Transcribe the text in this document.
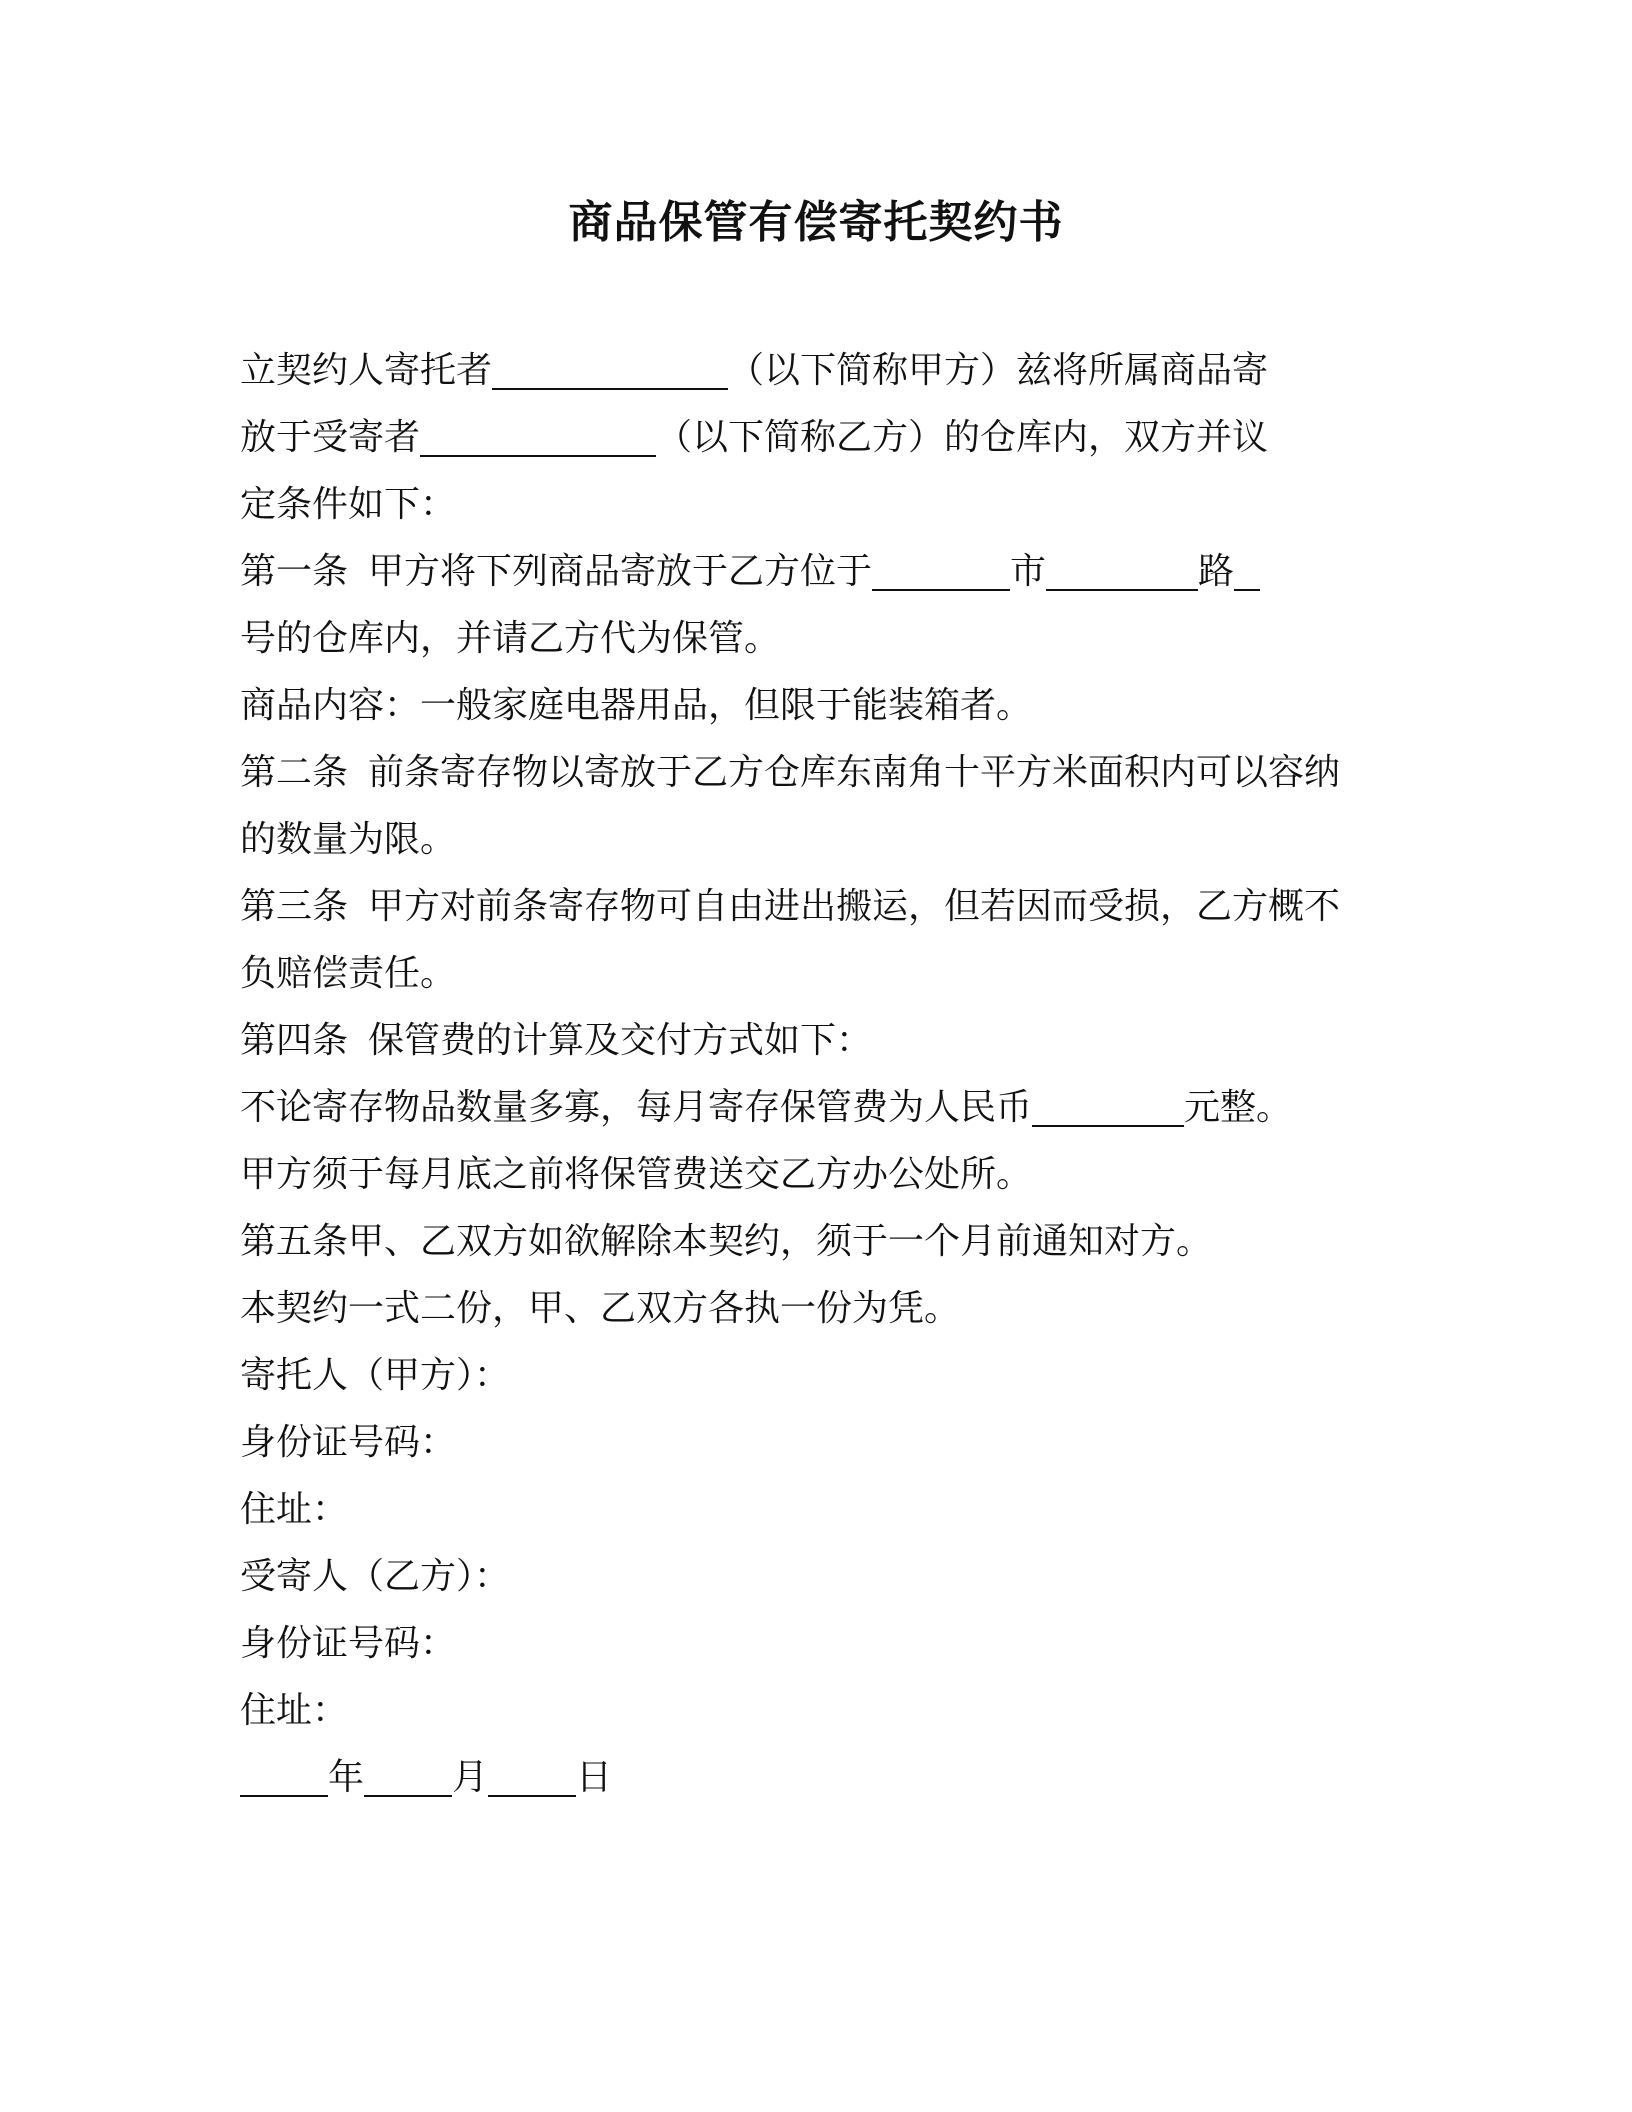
商品保管有偿寄托契约书
立契约人寄托者	（以下简称甲方）兹将所属商品寄
放于受寄者	（以下简称乙方）的仓库内，双方并议
定条件如下：
第一条 甲方将下列商品寄放于乙方位于	市	路
号的仓库内，并请乙方代为保管。
商品内容：一般家庭电器用品，但限于能装箱者。
第二条 前条寄存物以寄放于乙方仓库东南角十平方米面积内可以容纳
的数量为限。
第三条 甲方对前条寄存物可自由进出搬运，但若因而受损，乙方概不
负赔偿责任。
第四条 保管费的计算及交付方式如下：
不论寄存物品数量多寡，每月寄存保管费为人民币	元整。
甲方须于每月底之前将保管费送交乙方办公处所。
第五条甲、乙双方如欲解除本契约，须于一个月前通知对方。
本契约一式二份，甲、乙双方各执一份为凭。
寄托人（甲方）：
身份证号码：
住址：
受寄人（乙方）：
身份证号码：
住址：
年 月 日
